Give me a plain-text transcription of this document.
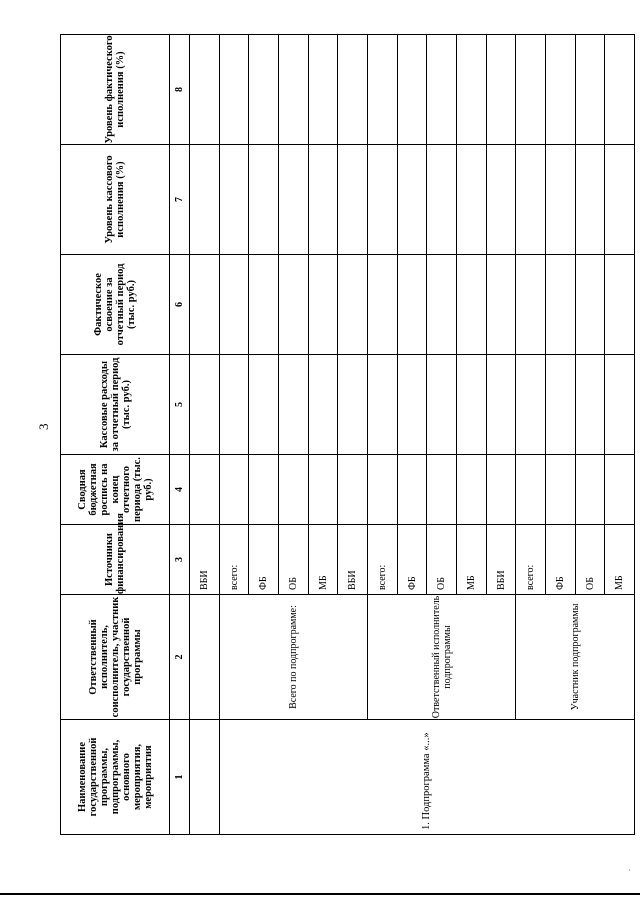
3
Наименование государственной программы, подпрограммы, основного мероприятия, мероприятия	Ответственный исполнитель, соисполнитель, участник государственной программы	Источники финансирования	Сводная бюджетная роспись на конец отчетного периода (тыс. руб.)	Кассовые расходы за отчетный период (тыс. руб.)	Фактическое освоение за отчетный период (тыс. руб.)	Уровень кассового исполнения (%)	Уровень фактического исполнения (%)
1	2	3	4	5	6	7	8
		ВБИ					
1. Подпрограмма «...»	Всего по подпрограмме:	всего:					
		ФБ					
		ОБ					
		МБ					
		ВБИ					
	Ответственный исполнитель подпрограммы	всего:					
		ФБ					
		ОБ					
		МБ					
		ВБИ					
	Участник подпрограммы	всего:					
		ФБ					
		ОБ					
		МБ					
·
